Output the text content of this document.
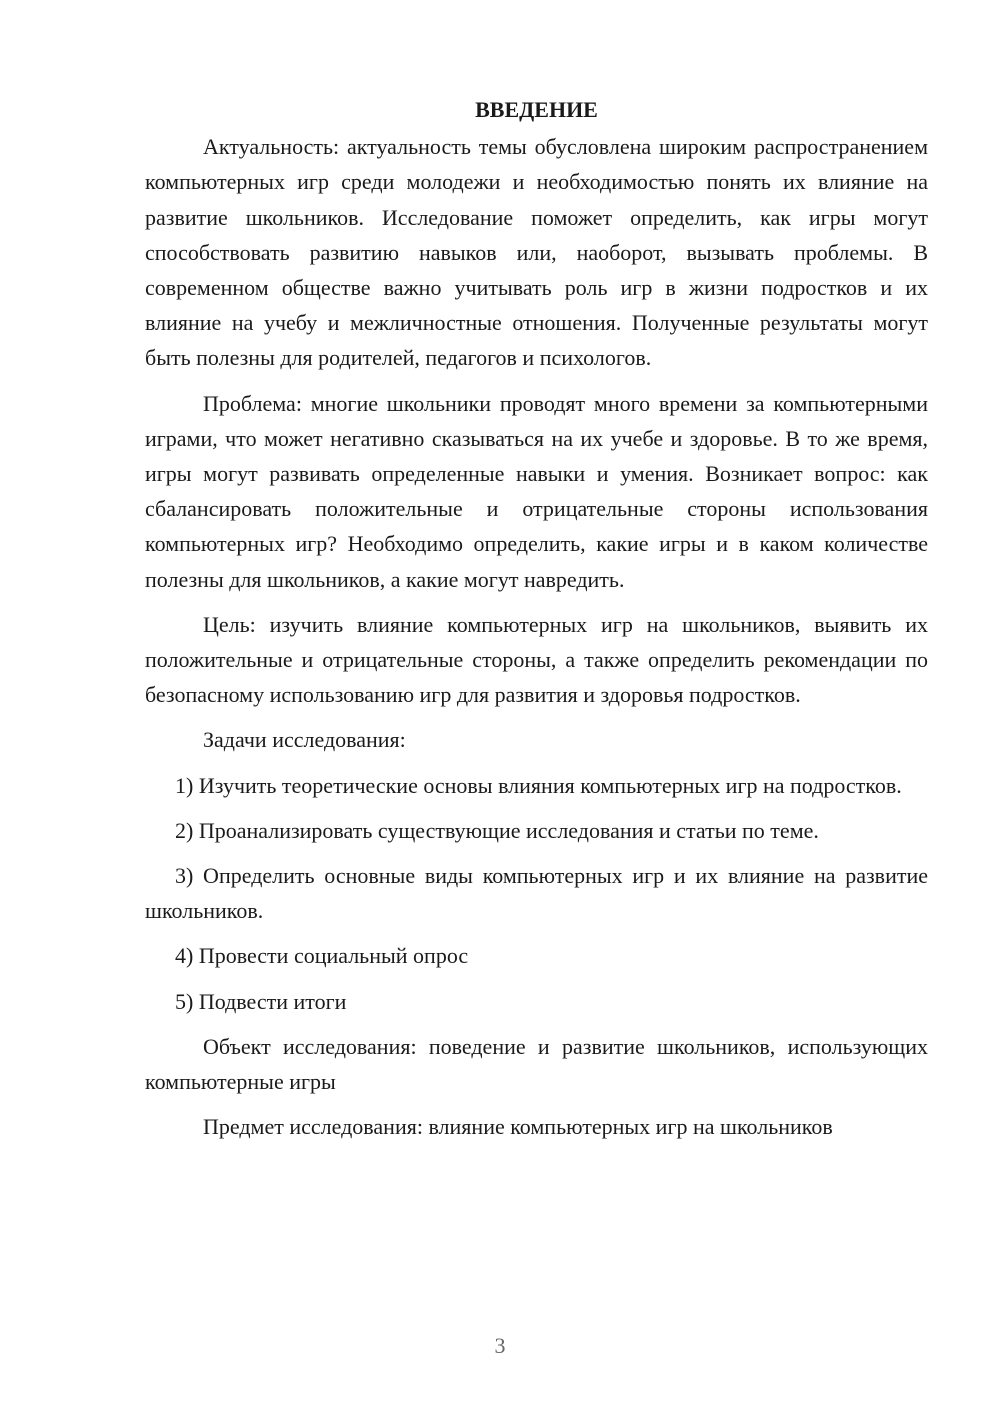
ВВЕДЕНИЕ

Актуальность: актуальность темы обусловлена широким распространением компьютерных игр среди молодежи и необходимостью понять их влияние на развитие школьников. Исследование поможет определить, как игры могут способствовать развитию навыков или, наоборот, вызывать проблемы. В современном обществе важно учитывать роль игр в жизни подростков и их влияние на учебу и межличностные отношения. Полученные результаты могут быть полезны для родителей, педагогов и психологов.

Проблема: многие школьники проводят много времени за компьютерными играми, что может негативно сказываться на их учебе и здоровье. В то же время, игры могут развивать определенные навыки и умения. Возникает вопрос: как сбалансировать положительные и отрицательные стороны использования компьютерных игр? Необходимо определить, какие игры и в каком количестве полезны для школьников, а какие могут навредить.

Цель: изучить влияние компьютерных игр на школьников, выявить их положительные и отрицательные стороны, а также определить рекомендации по безопасному использованию игр для развития и здоровья подростков.

Задачи исследования:

1) Изучить теоретические основы влияния компьютерных игр на подростков.

2) Проанализировать существующие исследования и статьи по теме.

3) Определить основные виды компьютерных игр и их влияние на развитие школьников.

4) Провести социальный опрос

5) Подвести итоги

Объект исследования: поведение и развитие школьников, использующих компьютерные игры

Предмет исследования: влияние компьютерных игр на школьников

3
